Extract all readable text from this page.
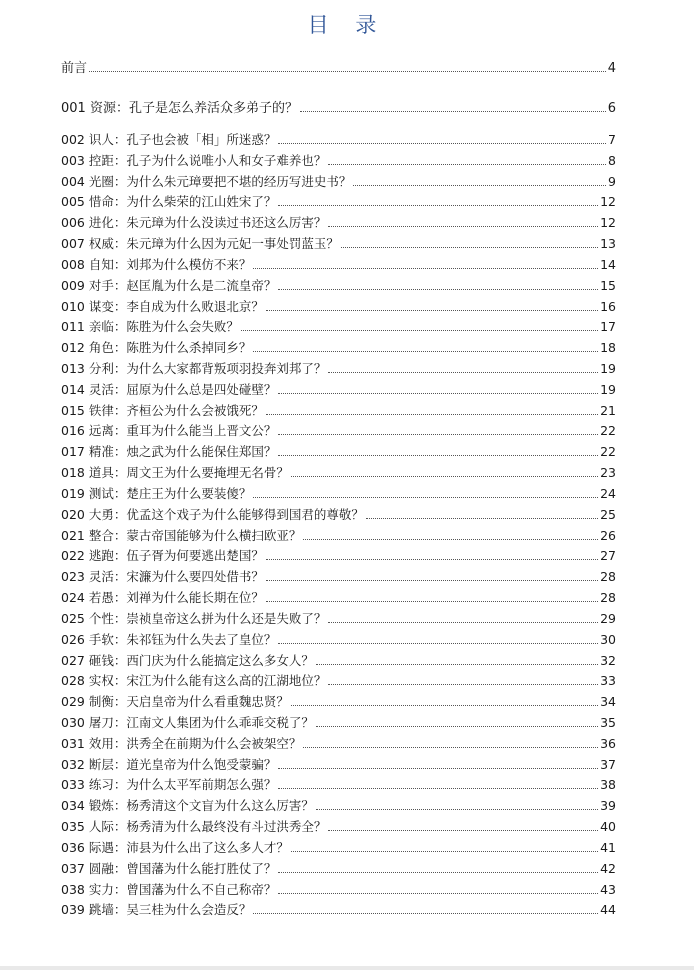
目 录
前言	4
001 资源：孔子是怎么养活众多弟子的？	6
002 识人：孔子也会被「相」所迷惑？	7
003 控距：孔子为什么说唯小人和女子难养也？	8
004 光圈：为什么朱元璋要把不堪的经历写进史书？	9
005 惜命：为什么柴荣的江山姓宋了？	12
006 进化：朱元璋为什么没读过书还这么厉害？	12
007 权威：朱元璋为什么因为元妃一事处罚蓝玉？	13
008 自知：刘邦为什么模仿不来？	14
009 对手：赵匡胤为什么是二流皇帝？	15
010 谋变：李自成为什么败退北京？	16
011 亲临：陈胜为什么会失败？	17
012 角色：陈胜为什么杀掉同乡？	18
013 分利：为什么大家都背叛项羽投奔刘邦了？	19
014 灵活：屈原为什么总是四处碰壁？	19
015 铁律：齐桓公为什么会被饿死？	21
016 远离：重耳为什么能当上晋文公？	22
017 精准：烛之武为什么能保住郑国？	22
018 道具：周文王为什么要掩埋无名骨？	23
019 测试：楚庄王为什么要装傻？	24
020 大勇：优孟这个戏子为什么能够得到国君的尊敬？	25
021 整合：蒙古帝国能够为什么横扫欧亚？	26
022 逃跑：伍子胥为何要逃出楚国？	27
023 灵活：宋濂为什么要四处借书？	28
024 若愚：刘禅为什么能长期在位？	28
025 个性：崇祯皇帝这么拼为什么还是失败了？	29
026 手软：朱祁钰为什么失去了皇位？	30
027 砸钱：西门庆为什么能搞定这么多女人？	32
028 实权：宋江为什么能有这么高的江湖地位？	33
029 制衡：天启皇帝为什么看重魏忠贤？	34
030 屠刀：江南文人集团为什么乖乖交税了？	35
031 效用：洪秀全在前期为什么会被架空？	36
032 断层：道光皇帝为什么饱受蒙骗？	37
033 练习：为什么太平军前期怎么强？	38
034 锻炼：杨秀清这个文盲为什么这么厉害？	39
035 人际：杨秀清为什么最终没有斗过洪秀全？	40
036 际遇：沛县为什么出了这么多人才？	41
037 圆融：曾国藩为什么能打胜仗了？	42
038 实力：曾国藩为什么不自己称帝？	43
039 跳墙：吴三桂为什么会造反？	44
